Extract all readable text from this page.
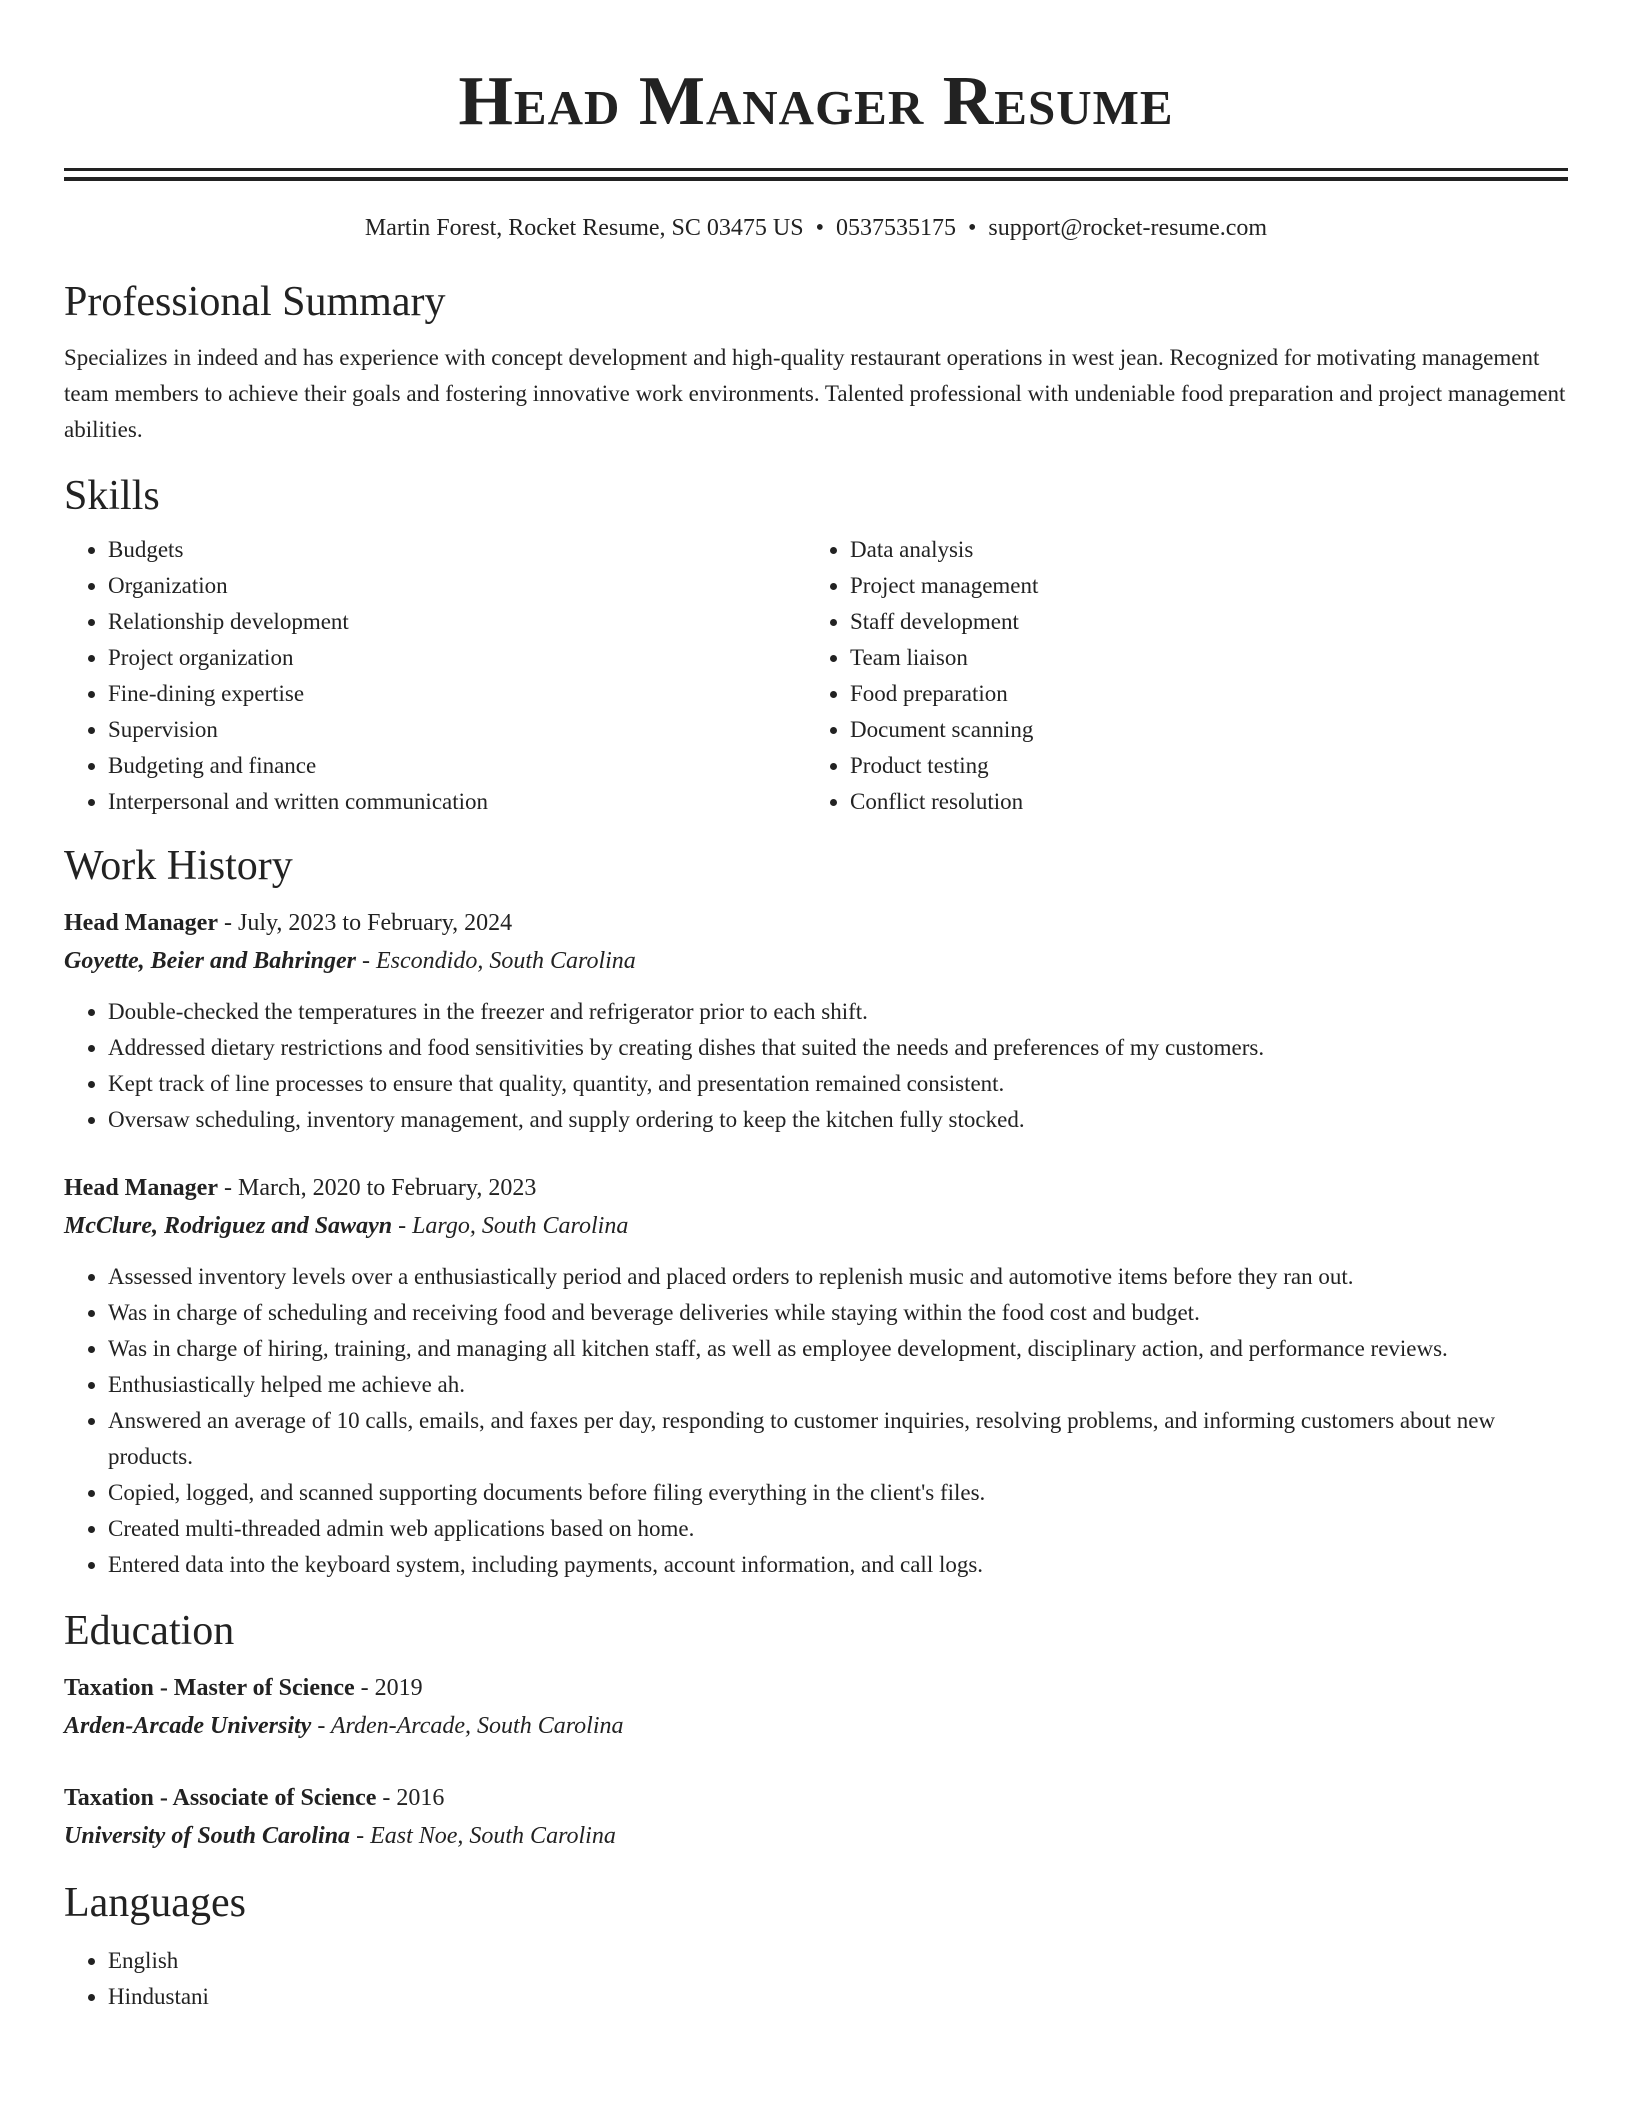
Head Manager Resume
Martin Forest, Rocket Resume, SC 03475 US • 0537535175 • support@rocket-resume.com
Professional Summary

Specializes in indeed and has experience with concept development and high-quality restaurant operations in west jean. Recognized for motivating management team members to achieve their goals and fostering innovative work environments. Talented professional with undeniable food preparation and project management abilities.

Skills
• Budgets
• Organization
• Relationship development
• Project organization
• Fine-dining expertise
• Supervision
• Budgeting and finance
• Interpersonal and written communication
• Data analysis
• Project management
• Staff development
• Team liaison
• Food preparation
• Document scanning
• Product testing
• Conflict resolution
Work History
Head Manager - July, 2023 to February, 2024
Goyette, Beier and Bahringer - Escondido, South Carolina
• Double-checked the temperatures in the freezer and refrigerator prior to each shift.
• Addressed dietary restrictions and food sensitivities by creating dishes that suited the needs and preferences of my customers.
• Kept track of line processes to ensure that quality, quantity, and presentation remained consistent.
• Oversaw scheduling, inventory management, and supply ordering to keep the kitchen fully stocked.
Head Manager - March, 2020 to February, 2023
McClure, Rodriguez and Sawayn - Largo, South Carolina
• Assessed inventory levels over a enthusiastically period and placed orders to replenish music and automotive items before they ran out.
• Was in charge of scheduling and receiving food and beverage deliveries while staying within the food cost and budget.
• Was in charge of hiring, training, and managing all kitchen staff, as well as employee development, disciplinary action, and performance reviews.
• Enthusiastically helped me achieve ah.
• Answered an average of 10 calls, emails, and faxes per day, responding to customer inquiries, resolving problems, and informing customers about new products.
• Copied, logged, and scanned supporting documents before filing everything in the client's files.
• Created multi-threaded admin web applications based on home.
• Entered data into the keyboard system, including payments, account information, and call logs.
Education
Taxation - Master of Science - 2019
Arden-Arcade University - Arden-Arcade, South Carolina
Taxation - Associate of Science - 2016
University of South Carolina - East Noe, South Carolina
Languages
• English
• Hindustani
